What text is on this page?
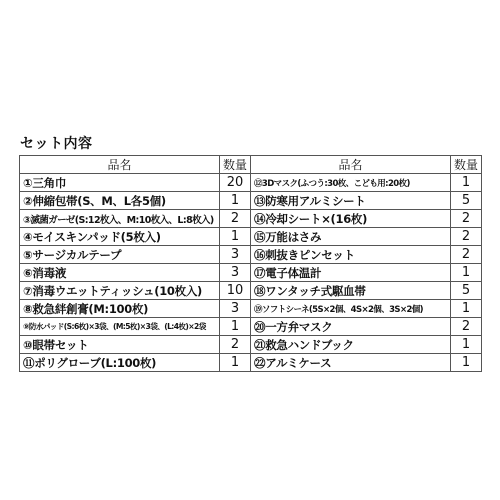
セット内容
品名	数量	品名	数量
①三角巾	20	⑫3Dマスク(ふつう:30枚、こども用:20枚)	1
②伸縮包帯(S、M、L各5個)	1	⑬防寒用アルミシート	5
③滅菌ガーゼ(S:12枚入、M:10枚入、L:8枚入)	2	⑭冷却シート×(16枚)	2
④モイスキンパッド(5枚入)	1	⑮万能はさみ	2
⑤サージカルテープ	3	⑯刺抜きピンセット	2
⑥消毒液	3	⑰電子体温計	1
⑦消毒ウエットティッシュ(10枚入)	10	⑱ワンタッチ式駆血帯	5
⑧救急絆創膏(M:100枚)	3	⑲ソフトシーネ(5S×2個、4S×2個、3S×2個)	1
⑨防水パッド(S:6枚)×3袋、(M:5枚)×3袋、(L:4枚)×2袋	1	⑳一方弁マスク	2
⑩眼帯セット	2	㉑救急ハンドブック	1
⑪ポリグローブ(L:100枚)	1	㉒アルミケース	1
